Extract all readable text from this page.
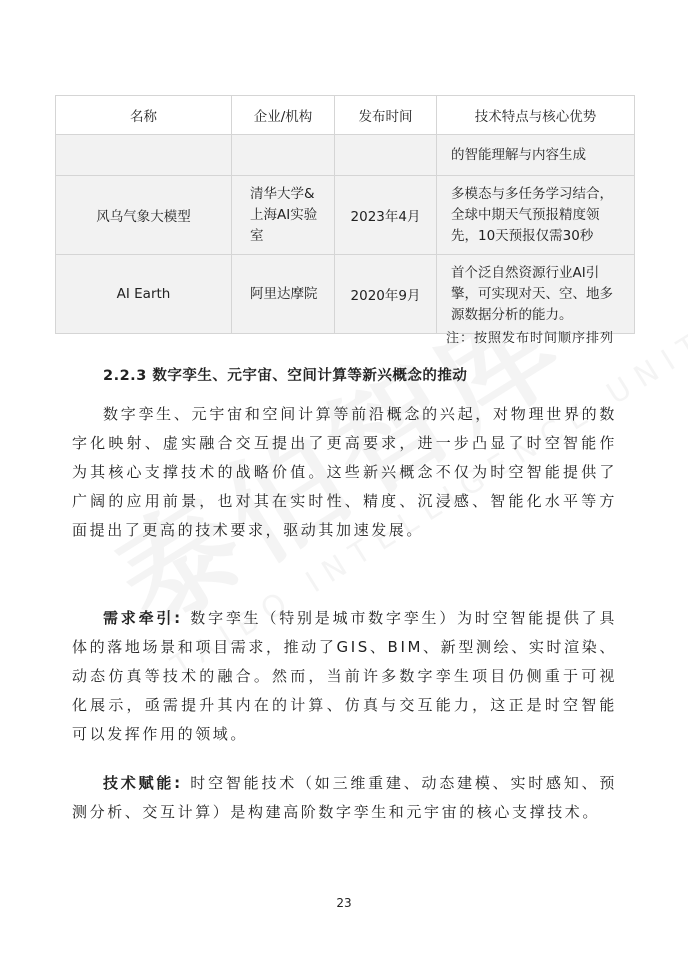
名称	企业/机构	发布时间	技术特点与核心优势
			的智能理解与内容生成
风乌气象大模型	清华大学&上海AI实验室	2023年4月	多模态与多任务学习结合，全球中期天气预报精度领先，10天预报仅需30秒
AI Earth	阿里达摩院	2020年9月	首个泛自然资源行业AI引擎，可实现对天、空、地多源数据分析的能力。
注：按照发布时间顺序排列
2.2.3 数字孪生、元宇宙、空间计算等新兴概念的推动

数字孪生、元宇宙和空间计算等前沿概念的兴起，对物理世界的数字化映射、虚实融合交互提出了更高要求，进一步凸显了时空智能作为其核心支撑技术的战略价值。这些新兴概念不仅为时空智能提供了广阔的应用前景，也对其在实时性、精度、沉浸感、智能化水平等方面提出了更高的技术要求，驱动其加速发展。

需求牵引: 数字孪生（特别是城市数字孪生）为时空智能提供了具体的落地场景和项目需求，推动了GIS、BIM、新型测绘、实时渲染、动态仿真等技术的融合。然而，当前许多数字孪生项目仍侧重于可视化展示，亟需提升其内在的计算、仿真与交互能力，这正是时空智能可以发挥作用的领域。

技术赋能: 时空智能技术（如三维重建、动态建模、实时感知、预测分析、交互计算）是构建高阶数字孪生和元宇宙的核心支撑技术。

23
